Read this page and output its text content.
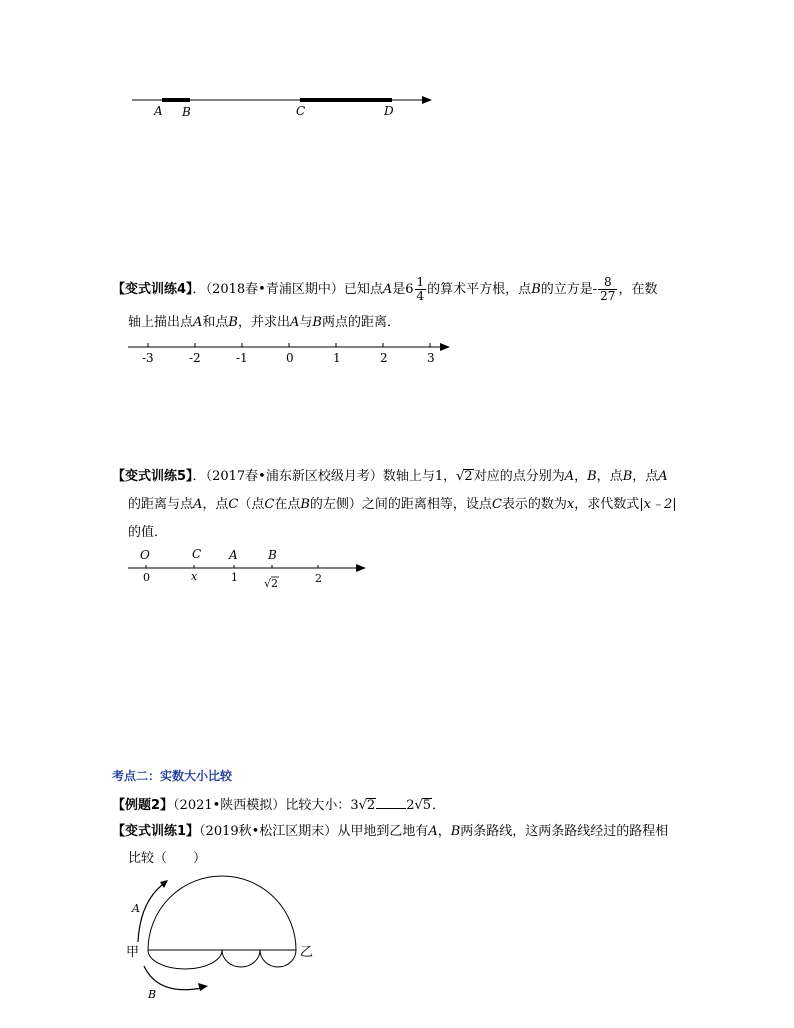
A B	C	D
【变式训练4】．（2018春•青浦区期中）已知点A是$6 \frac{1}{4}$ 的算术平方根，点B的立方是- $\frac{8}{27}$ ，在数
轴上描出点A和点B，并求出A与B两点的距离．
-3	-2	-1	0	1	2	3
【变式训练5】．（2017春•浦东新区校级月考）数轴上与1，√2对应的点分别为A，B，点B，点A
的距离与点A，点C（点C在点B的左侧）之间的距离相等，设点C表示的数为x，求代数式|x﹣2|
的值．
O	C A	B
0	x	1 √ 2	2
考点二：实数大小比较
【例题2】（2021•陕西模拟）比较大小：3√2 2√5．
【变式训练1】（2019秋•松江区期末）从甲地到乙地有A，B两条路线，这两条路线经过的路程相
比较（　　）
甲	乙
A
B
